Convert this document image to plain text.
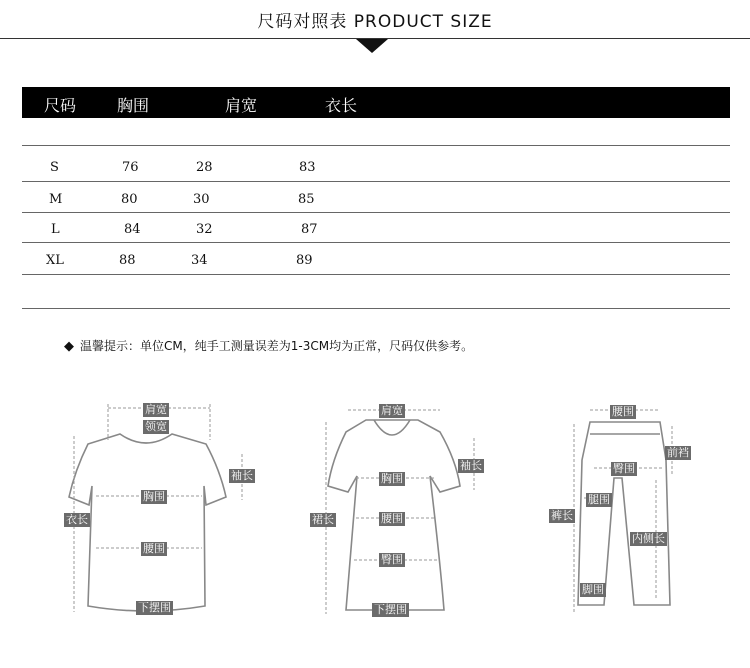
尺码对照表 PRODUCT SIZE
尺码	胸围	肩宽	衣长
S	76	28	83
M	80	30	85
L	84	32	87
XL	88	34	89
◆ 温馨提示：单位CM，纯手工测量误差为1-3CM均为正常，尺码仅供参考。
肩宽
领宽
袖长
胸围
衣长
腰围
下摆围
肩宽
袖长
胸围
裙长	腰围
臀围
下摆围
腰围
前裆
臀围
腿围
裤长
内侧长
脚围
